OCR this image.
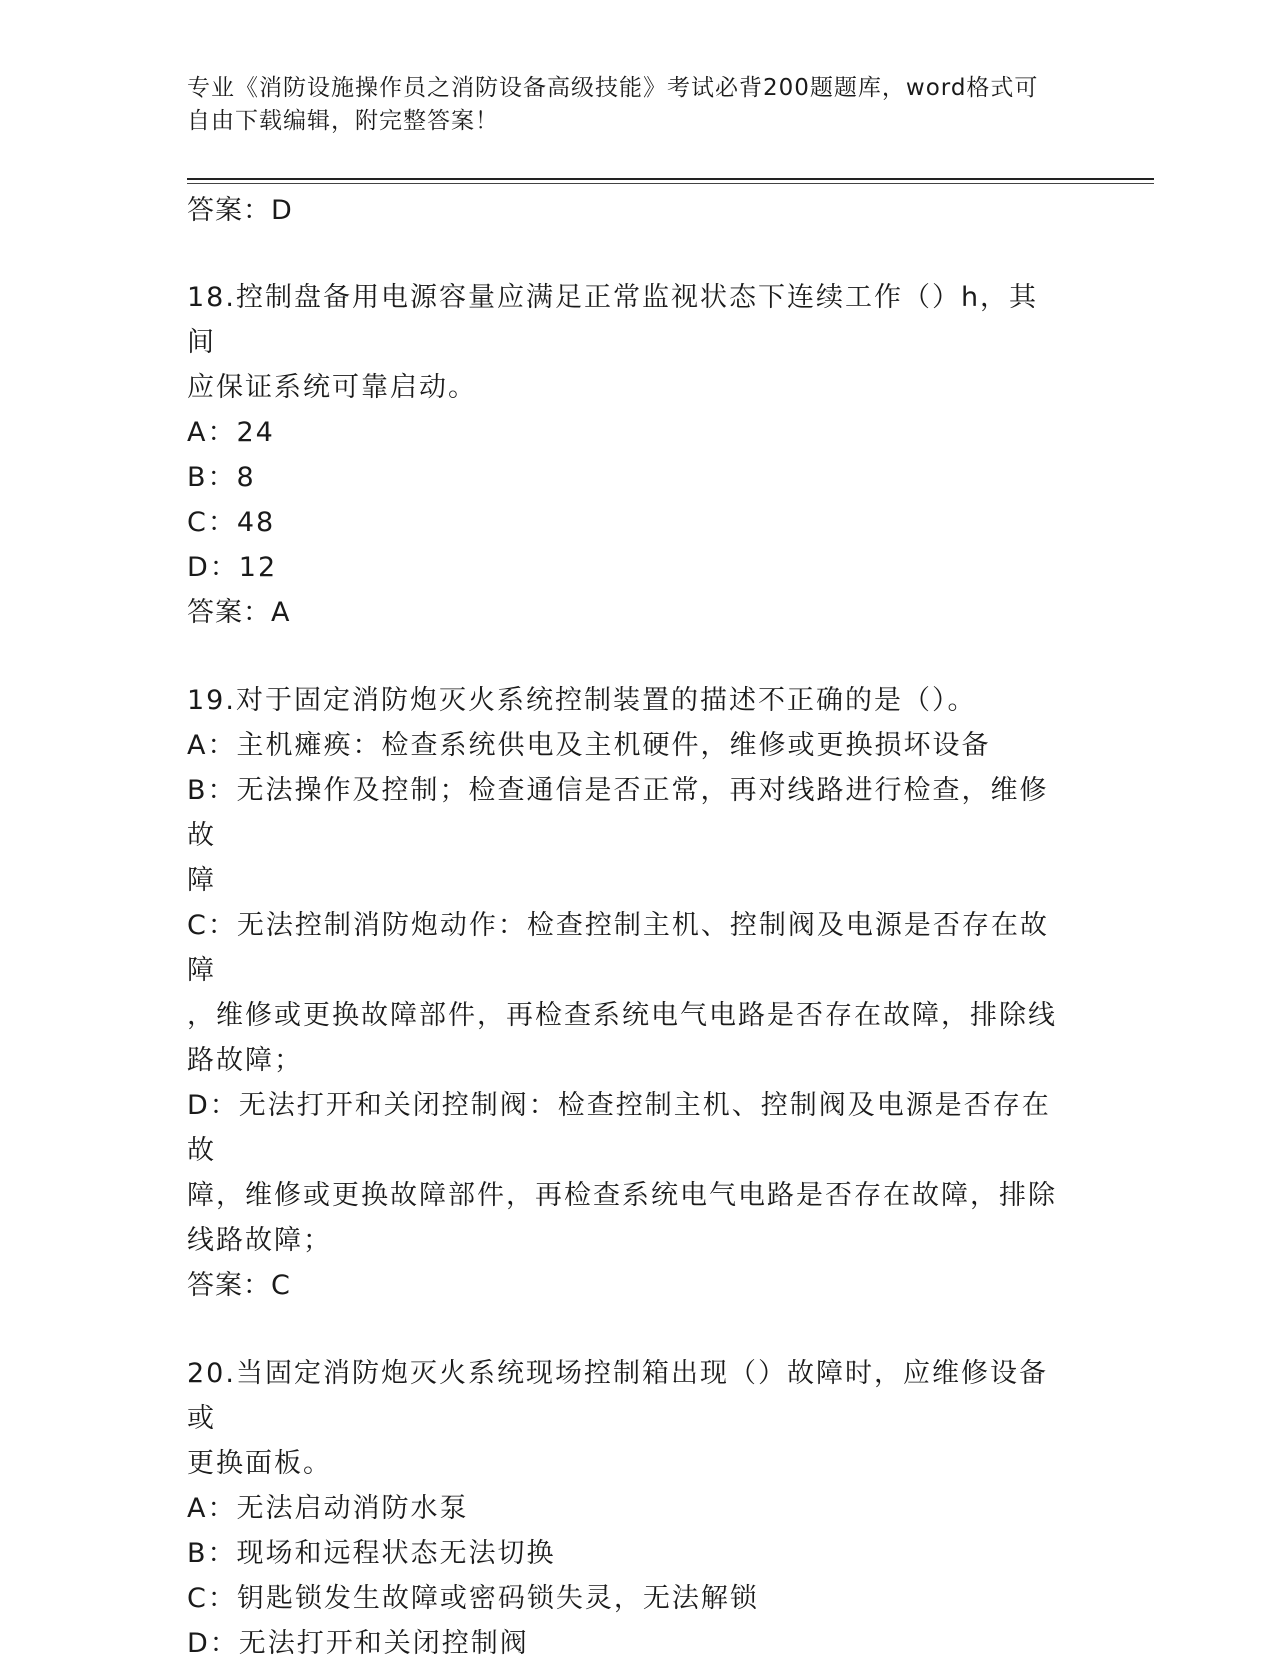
专业《消防设施操作员之消防设备高级技能》考试必背200题题库，word格式可
自由下载编辑，附完整答案！
答案：D
18.控制盘备用电源容量应满足正常监视状态下连续工作（）h，其间
应保证系统可靠启动。
A：24
B：8
C：48
D：12
答案：A
19.对于固定消防炮灭火系统控制装置的描述不正确的是（）。
A：主机瘫痪：检查系统供电及主机硬件，维修或更换损坏设备
B：无法操作及控制；检查通信是否正常，再对线路进行检查，维修故
障
C：无法控制消防炮动作：检查控制主机、控制阀及电源是否存在故障
，维修或更换故障部件，再检查系统电气电路是否存在故障，排除线
路故障；
D：无法打开和关闭控制阀：检查控制主机、控制阀及电源是否存在故
障，维修或更换故障部件，再检查系统电气电路是否存在故障，排除
线路故障；
答案：C
20.当固定消防炮灭火系统现场控制箱出现（）故障时，应维修设备或
更换面板。
A：无法启动消防水泵
B：现场和远程状态无法切换
C：钥匙锁发生故障或密码锁失灵，无法解锁
D：无法打开和关闭控制阀
